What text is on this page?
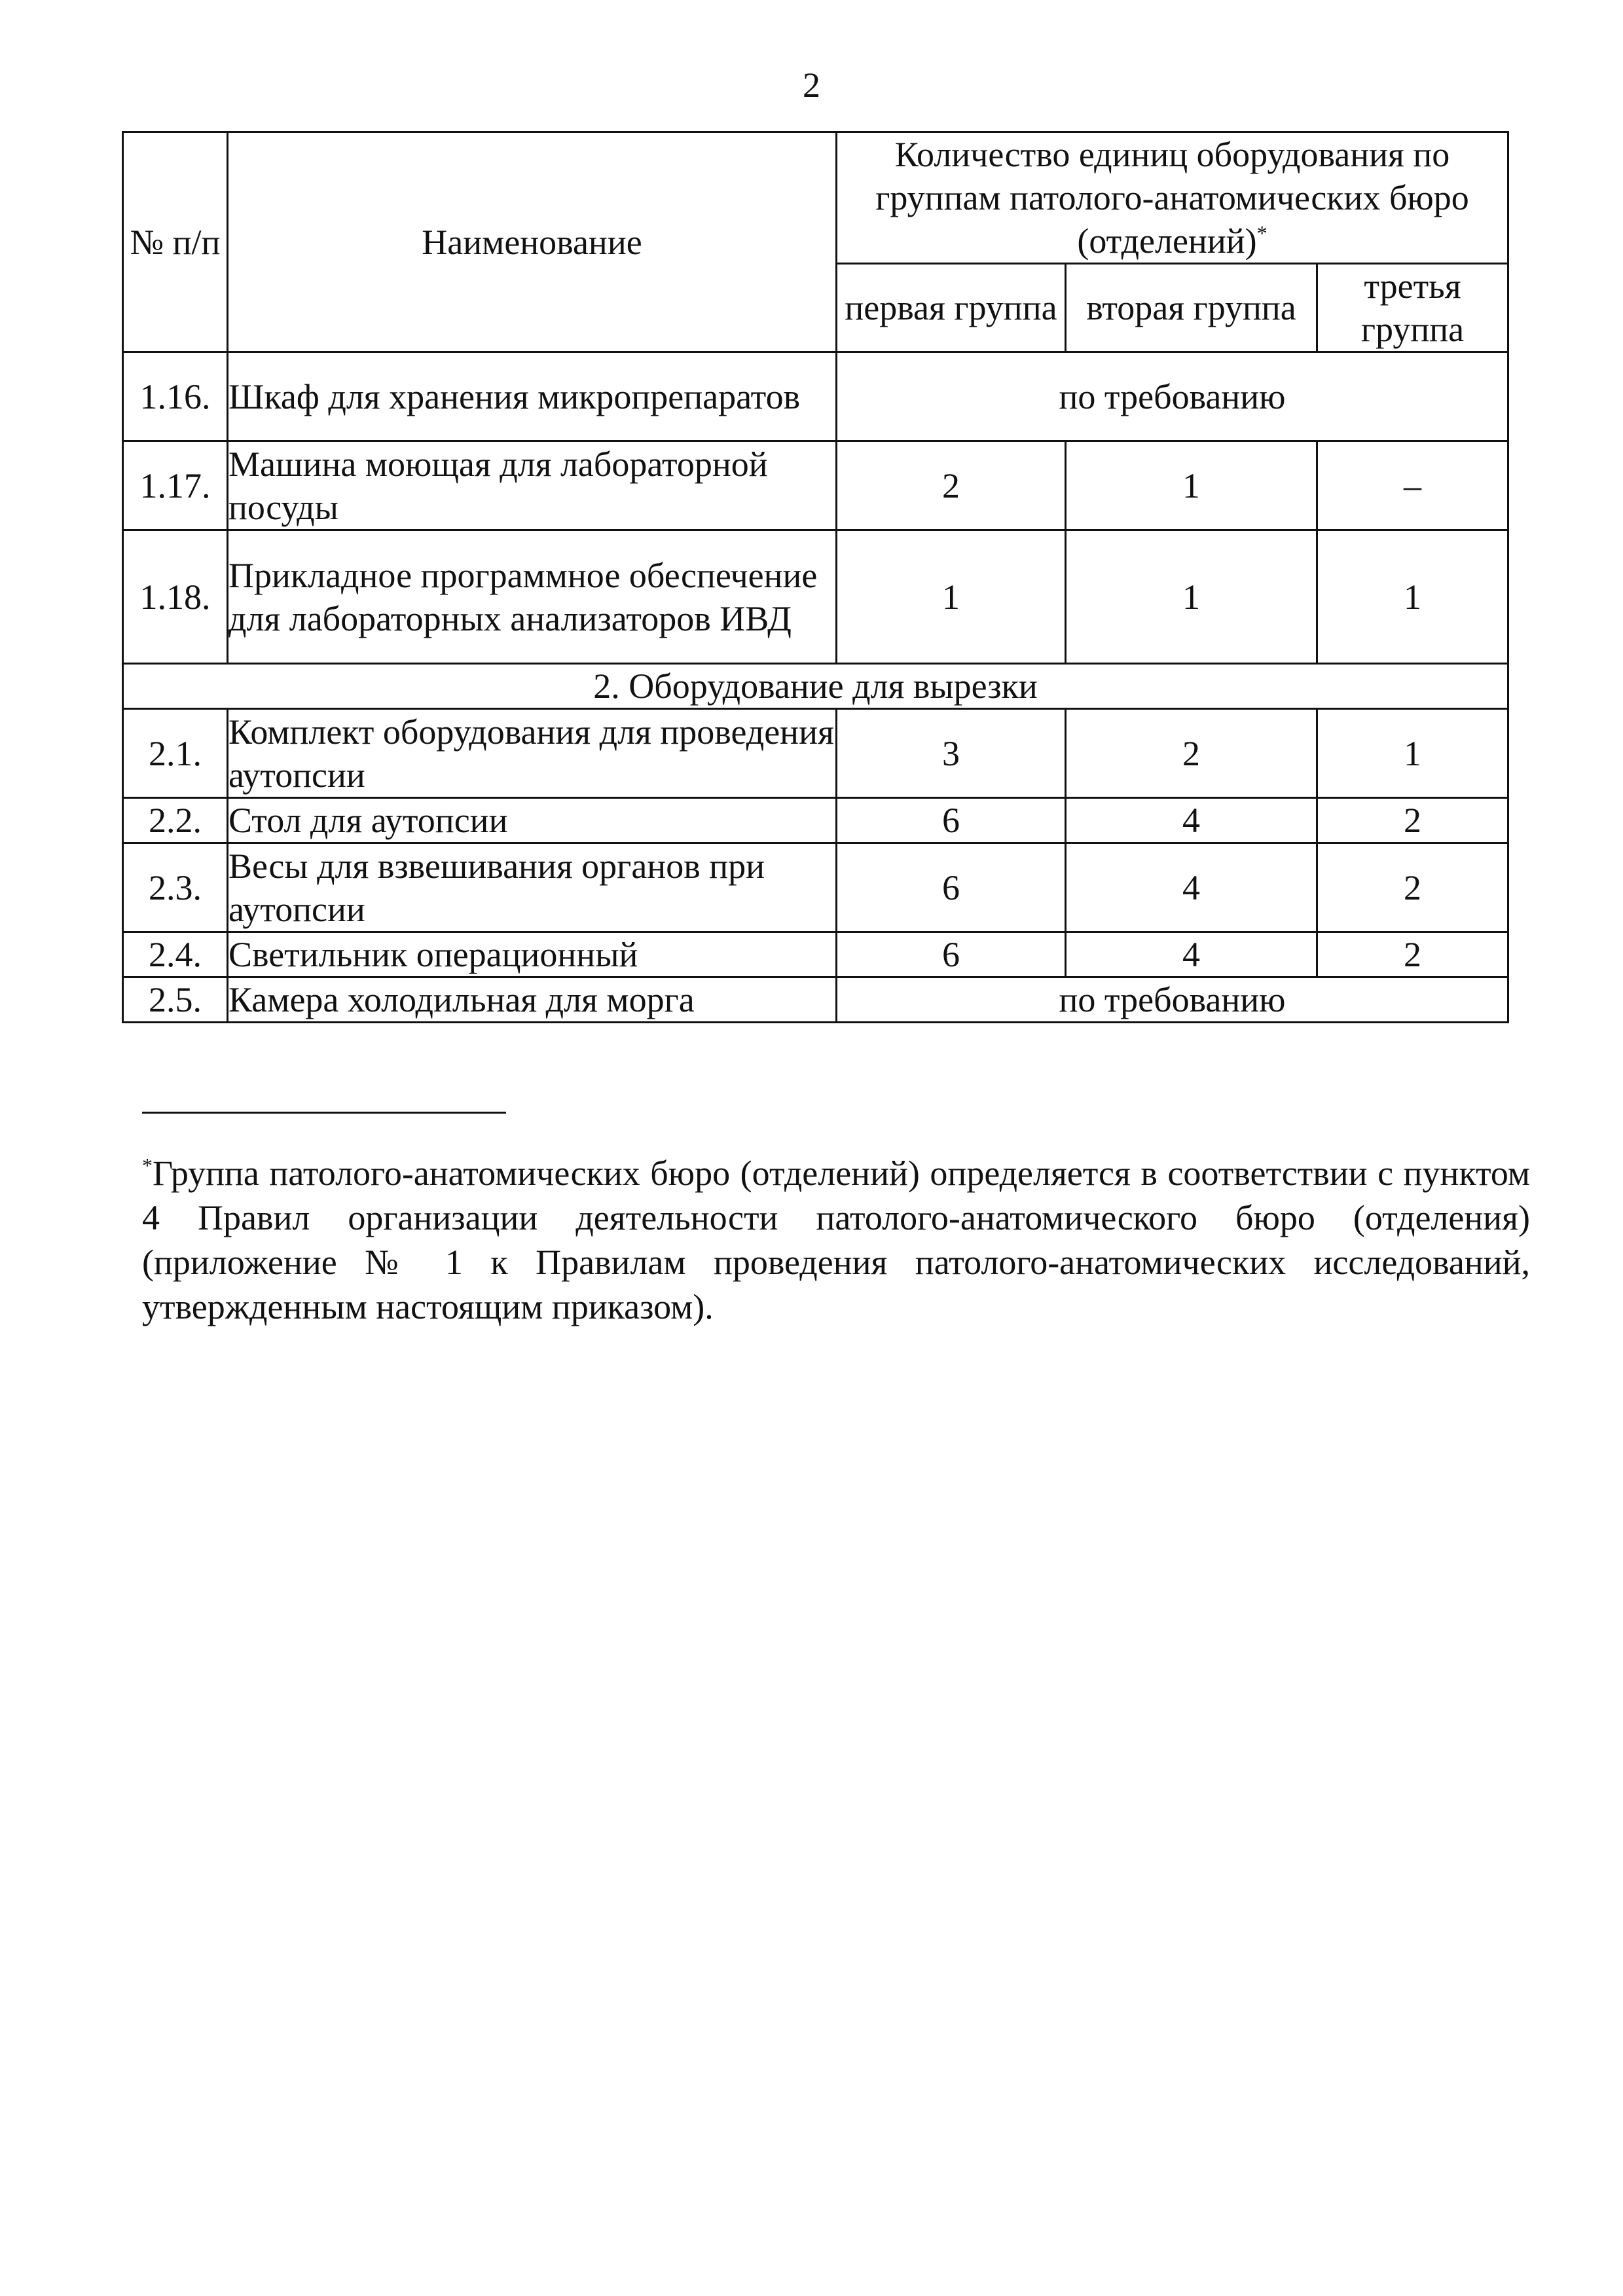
2
№ п/п	Наименование	Количество единиц оборудования по группам патолого-анатомических бюро (отделений)*
		первая группа	вторая группа	третья группа
1.16.	Шкаф для хранения микропрепаратов	по требованию		
1.17.	Машина моющая для лабораторной посуды	2	1	–
1.18.	Прикладное программное обеспечение для лабораторных анализаторов ИВД	1	1	1
2. Оборудование для вырезки				
2.1.	Комплект оборудования для проведения аутопсии	3	2	1
2.2.	Стол для аутопсии	6	4	2
2.3.	Весы для взвешивания органов при аутопсии	6	4	2
2.4.	Светильник операционный	6	4	2
2.5.	Камера холодильная для морга	по требованию		
*Группа патолого-анатомических бюро (отделений) определяется в соответствии с пунктом 4 Правил организации деятельности патолого-анатомического бюро (отделения) (приложение № 1 к Правилам проведения патолого-анатомических исследований, утвержденным настоящим приказом).
